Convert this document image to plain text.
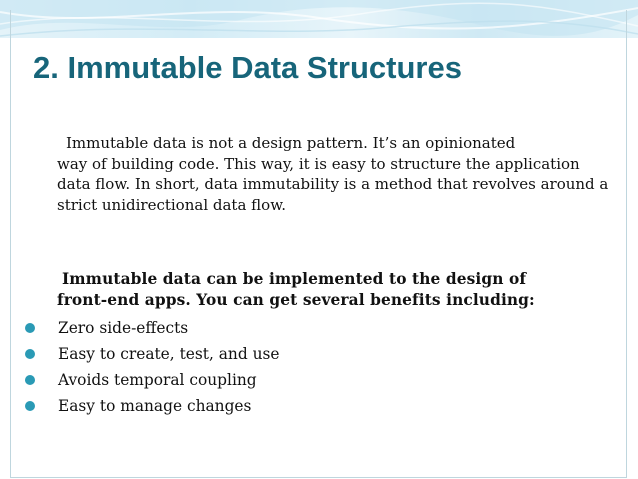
2. Immutable Data Structures

Immutable data is not a design pattern. It’s an opinionated
way of building code. This way, it is easy to structure the application data flow. In short, data immutability is a method that revolves around a strict unidirectional data flow.

Immutable data can be implemented to the design of
front-end apps. You can get several benefits including:

Zero side-effects
Easy to create, test, and use
Avoids temporal coupling
Easy to manage changes
